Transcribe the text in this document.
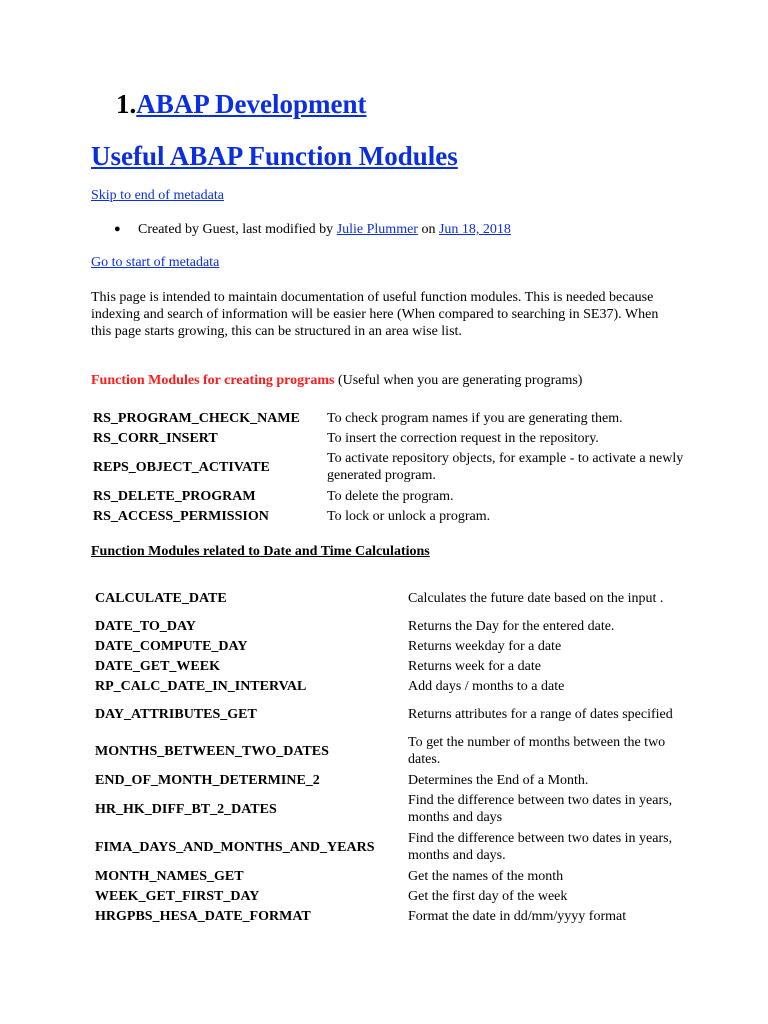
1.ABAP Development
Useful ABAP Function Modules
Skip to end of metadata
● Created by Guest, last modified by Julie Plummer on Jun 18, 2018
Go to start of metadata
This page is intended to maintain documentation of useful function modules. This is needed because indexing and search of information will be easier here (When compared to searching in SE37). When this page starts growing, this can be structured in an area wise list.
Function Modules for creating programs (Useful when you are generating programs)
RS_PROGRAM_CHECK_NAME	To check program names if you are generating them.
RS_CORR_INSERT	To insert the correction request in the repository.
REPS_OBJECT_ACTIVATE	To activate repository objects, for example - to activate a newly generated program.
RS_DELETE_PROGRAM	To delete the program.
RS_ACCESS_PERMISSION	To lock or unlock a program.
Function Modules related to Date and Time Calculations
CALCULATE_DATE	Calculates the future date based on the input .
DATE_TO_DAY	Returns the Day for the entered date.
DATE_COMPUTE_DAY	Returns weekday for a date
DATE_GET_WEEK	Returns week for a date
RP_CALC_DATE_IN_INTERVAL	Add days / months to a date
DAY_ATTRIBUTES_GET	Returns attributes for a range of dates specified
MONTHS_BETWEEN_TWO_DATES	To get the number of months between the two dates.
END_OF_MONTH_DETERMINE_2	Determines the End of a Month.
HR_HK_DIFF_BT_2_DATES	Find the difference between two dates in years, months and days
FIMA_DAYS_AND_MONTHS_AND_YEARS	Find the difference between two dates in years, months and days.
MONTH_NAMES_GET	Get the names of the month
WEEK_GET_FIRST_DAY	Get the first day of the week
HRGPBS_HESA_DATE_FORMAT	Format the date in dd/mm/yyyy format
